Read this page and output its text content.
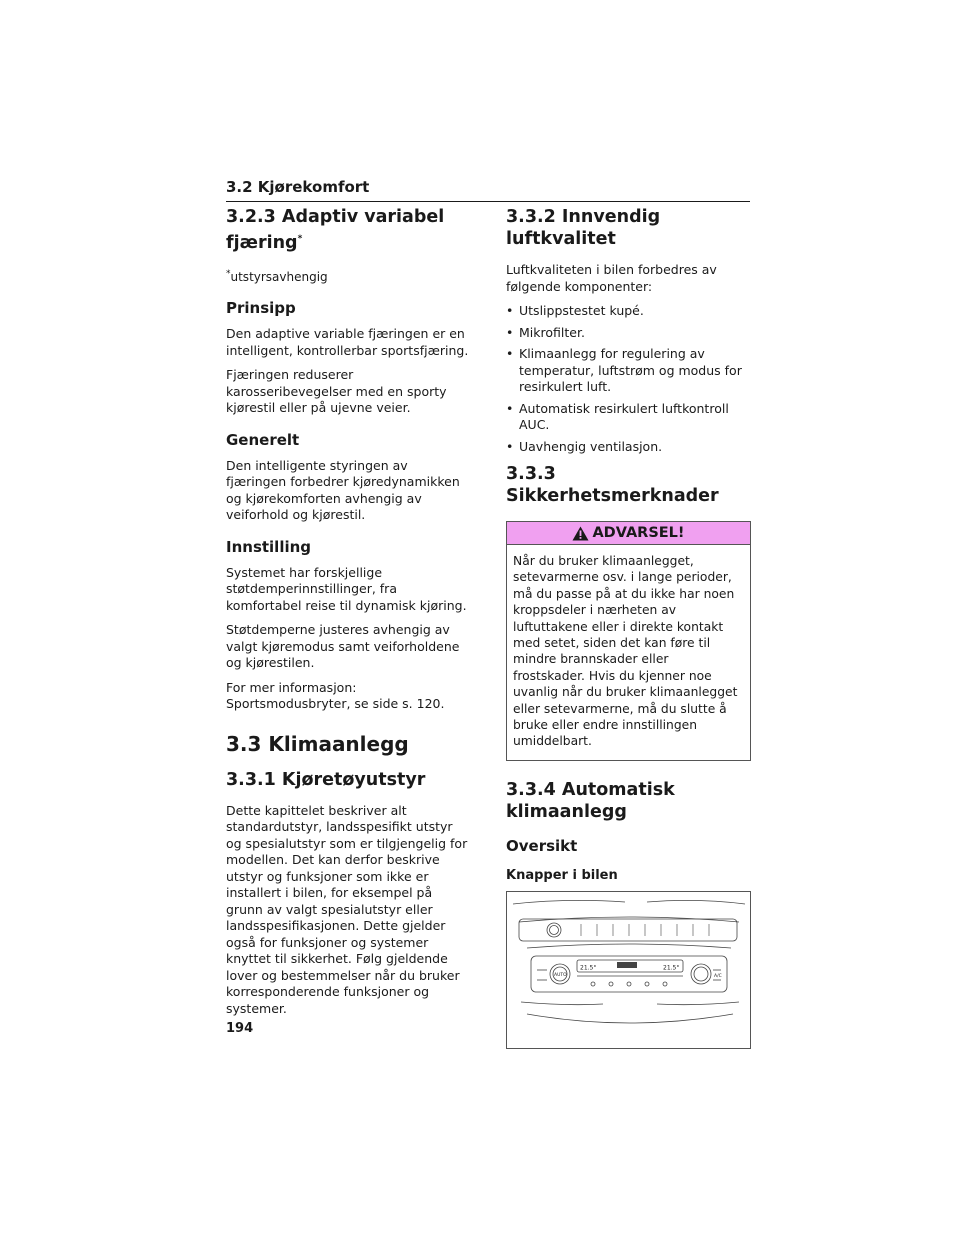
3.2 Kjørekomfort
3.2.3 Adaptiv variabel fjæring*

*utstyrsavhengig

Prinsipp

Den adaptive variable fjæringen er en intelligent, kontrollerbar sportsfjæring.

Fjæringen reduserer karosseribevegelser med en sporty kjørestil eller på ujevne veier.

Generelt

Den intelligente styringen av fjæringen forbedrer kjøredynamikken og kjørekomforten avhengig av veiforhold og kjørestil.

Innstilling

Systemet har forskjellige støtdemperinnstillinger, fra komfortabel reise til dynamisk kjøring.

Støtdemperne justeres avhengig av valgt kjøremodus samt veiforholdene og kjørestilen.

For mer informasjon: Sportsmodusbryter, se side s. 120.

3.3 Klimaanlegg
3.3.1 Kjøretøyutstyr

Dette kapittelet beskriver alt standardutstyr, landsspesifikt utstyr og spesialutstyr som er tilgjengelig for modellen. Det kan derfor beskrive utstyr og funksjoner som ikke er installert i bilen, for eksempel på grunn av valgt spesialutstyr eller landsspesifikasjonen. Dette gjelder også for funksjoner og systemer knyttet til sikkerhet. Følg gjeldende lover og bestemmelser når du bruker korresponderende funksjoner og systemer.

3.3.2 Innvendig luftkvalitet

Luftkvaliteten i bilen forbedres av følgende komponenter:

• Utslippstestet kupé.
• Mikrofilter.
• Klimaanlegg for regulering av temperatur, luftstrøm og modus for resirkulert luft.
• Automatisk resirkulert luftkontroll AUC.
• Uavhengig ventilasjon.
3.3.3 Sikkerhetsmerknader
ADVARSEL!

Når du bruker klimaanlegget, setevarmerne osv. i lange perioder, må du passe på at du ikke har noen kroppsdeler i nærheten av luftuttakene eller i direkte kontakt med setet, siden det kan føre til mindre brannskader eller frostskader. Hvis du kjenner noe uvanlig når du bruker klimaanlegget eller setevarmerne, må du slutte å bruke eller endre innstillingen umiddelbart.

3.3.4 Automatisk klimaanlegg
Oversikt
Knapper i bilen
21.5°	21.5°
AUTO	A/C
194
